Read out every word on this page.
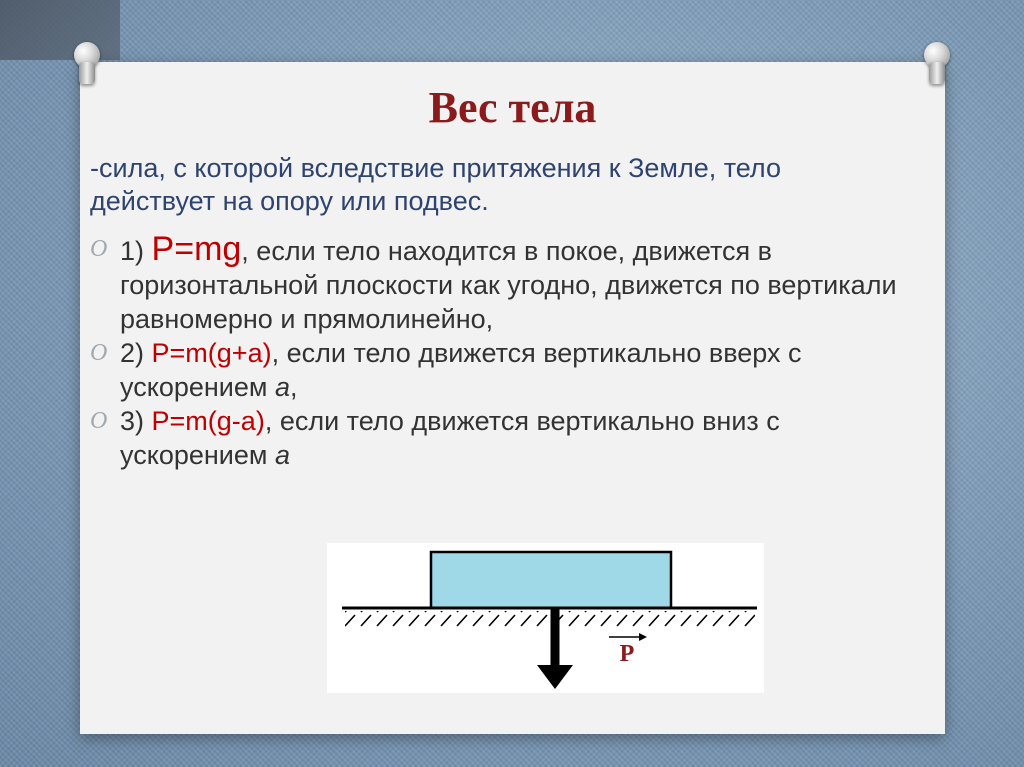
Вес тела
-сила, с которой вследствие притяжения к Земле, тело действует на опору или подвес.
O 1) P=mg, если тело находится в покое, движется в горизонтальной плоскости как угодно, движется по вертикали равномерно и прямолинейно,
O 2) P=m(g+a), если тело движется вертикально вверх с ускорением a,
O 3) P=m(g-a), если тело движется вертикально вниз с ускорением a
P
